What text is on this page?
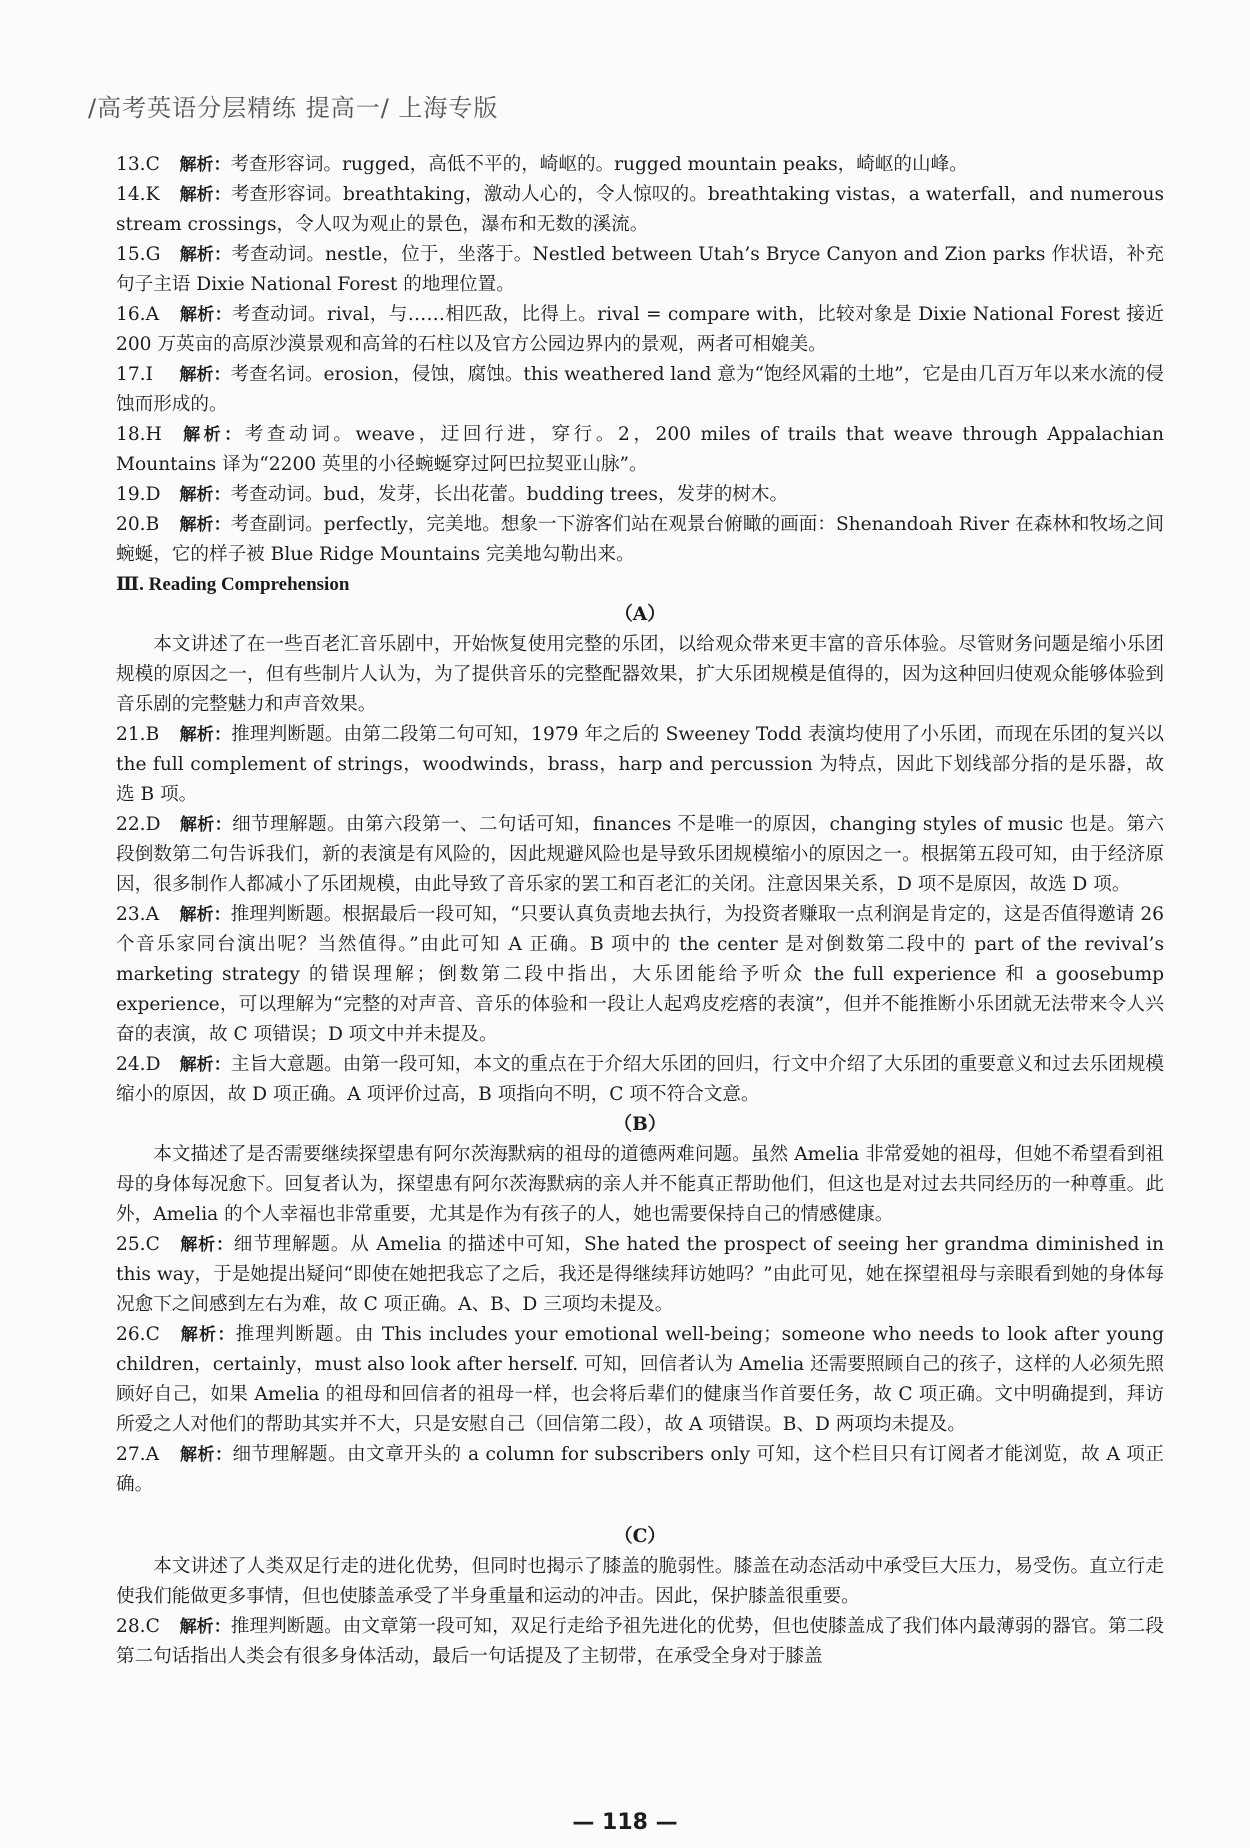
/高考英语分层精练 提高一/ 上海专版

13.C 解析：考查形容词。rugged，高低不平的，崎岖的。rugged mountain peaks，崎岖的山峰。

14.K 解析：考查形容词。breathtaking，激动人心的，令人惊叹的。breathtaking vistas，a waterfall，and numerous stream crossings，令人叹为观止的景色，瀑布和无数的溪流。

15.G 解析：考查动词。nestle，位于，坐落于。Nestled between Utah’s Bryce Canyon and Zion parks 作状语，补充句子主语 Dixie National Forest 的地理位置。

16.A 解析：考查动词。rival，与……相匹敌，比得上。rival = compare with，比较对象是 Dixie National Forest 接近 200 万英亩的高原沙漠景观和高耸的石柱以及官方公园边界内的景观，两者可相媲美。

17.I 解析：考查名词。erosion，侵蚀，腐蚀。this weathered land 意为“饱经风霜的土地”，它是由几百万年以来水流的侵蚀而形成的。

18.H 解析：考查动词。weave，迂回行进，穿行。2，200 miles of trails that weave through Appalachian Mountains 译为“2200 英里的小径蜿蜒穿过阿巴拉契亚山脉”。

19.D 解析：考查动词。bud，发芽，长出花蕾。budding trees，发芽的树木。

20.B 解析：考查副词。perfectly，完美地。想象一下游客们站在观景台俯瞰的画面：Shenandoah River 在森林和牧场之间蜿蜒，它的样子被 Blue Ridge Mountains 完美地勾勒出来。

Ⅲ. Reading Comprehension

（A）

本文讲述了在一些百老汇音乐剧中，开始恢复使用完整的乐团，以给观众带来更丰富的音乐体验。尽管财务问题是缩小乐团规模的原因之一，但有些制片人认为，为了提供音乐的完整配器效果，扩大乐团规模是值得的，因为这种回归使观众能够体验到音乐剧的完整魅力和声音效果。

21.B 解析：推理判断题。由第二段第二句可知，1979 年之后的 Sweeney Todd 表演均使用了小乐团，而现在乐团的复兴以 the full complement of strings，woodwinds，brass，harp and percussion 为特点，因此下划线部分指的是乐器，故选 B 项。

22.D 解析：细节理解题。由第六段第一、二句话可知，finances 不是唯一的原因，changing styles of music 也是。第六段倒数第二句告诉我们，新的表演是有风险的，因此规避风险也是导致乐团规模缩小的原因之一。根据第五段可知，由于经济原因，很多制作人都减小了乐团规模，由此导致了音乐家的罢工和百老汇的关闭。注意因果关系，D 项不是原因，故选 D 项。

23.A 解析：推理判断题。根据最后一段可知，“只要认真负责地去执行，为投资者赚取一点利润是肯定的，这是否值得邀请 26 个音乐家同台演出呢？当然值得。”由此可知 A 正确。B 项中的 the center 是对倒数第二段中的 part of the revival’s marketing strategy 的错误理解；倒数第二段中指出，大乐团能给予听众 the full experience 和 a goosebump experience，可以理解为“完整的对声音、音乐的体验和一段让人起鸡皮疙瘩的表演”，但并不能推断小乐团就无法带来令人兴奋的表演，故 C 项错误；D 项文中并未提及。

24.D 解析：主旨大意题。由第一段可知，本文的重点在于介绍大乐团的回归，行文中介绍了大乐团的重要意义和过去乐团规模缩小的原因，故 D 项正确。A 项评价过高，B 项指向不明，C 项不符合文意。

（B）

本文描述了是否需要继续探望患有阿尔茨海默病的祖母的道德两难问题。虽然 Amelia 非常爱她的祖母，但她不希望看到祖母的身体每况愈下。回复者认为，探望患有阿尔茨海默病的亲人并不能真正帮助他们，但这也是对过去共同经历的一种尊重。此外，Amelia 的个人幸福也非常重要，尤其是作为有孩子的人，她也需要保持自己的情感健康。

25.C 解析：细节理解题。从 Amelia 的描述中可知，She hated the prospect of seeing her grandma diminished in this way，于是她提出疑问“即使在她把我忘了之后，我还是得继续拜访她吗？”由此可见，她在探望祖母与亲眼看到她的身体每况愈下之间感到左右为难，故 C 项正确。A、B、D 三项均未提及。

26.C 解析：推理判断题。由 This includes your emotional well-being；someone who needs to look after young children，certainly，must also look after herself. 可知，回信者认为 Amelia 还需要照顾自己的孩子，这样的人必须先照顾好自己，如果 Amelia 的祖母和回信者的祖母一样，也会将后辈们的健康当作首要任务，故 C 项正确。文中明确提到，拜访所爱之人对他们的帮助其实并不大，只是安慰自己（回信第二段），故 A 项错误。B、D 两项均未提及。

27.A 解析：细节理解题。由文章开头的 a column for subscribers only 可知，这个栏目只有订阅者才能浏览，故 A 项正确。

（C）

本文讲述了人类双足行走的进化优势，但同时也揭示了膝盖的脆弱性。膝盖在动态活动中承受巨大压力，易受伤。直立行走使我们能做更多事情，但也使膝盖承受了半身重量和运动的冲击。因此，保护膝盖很重要。

28.C 解析：推理判断题。由文章第一段可知，双足行走给予祖先进化的优势，但也使膝盖成了我们体内最薄弱的器官。第二段第二句话指出人类会有很多身体活动，最后一句话提及了主韧带，在承受全身对于膝盖

— 118 —
